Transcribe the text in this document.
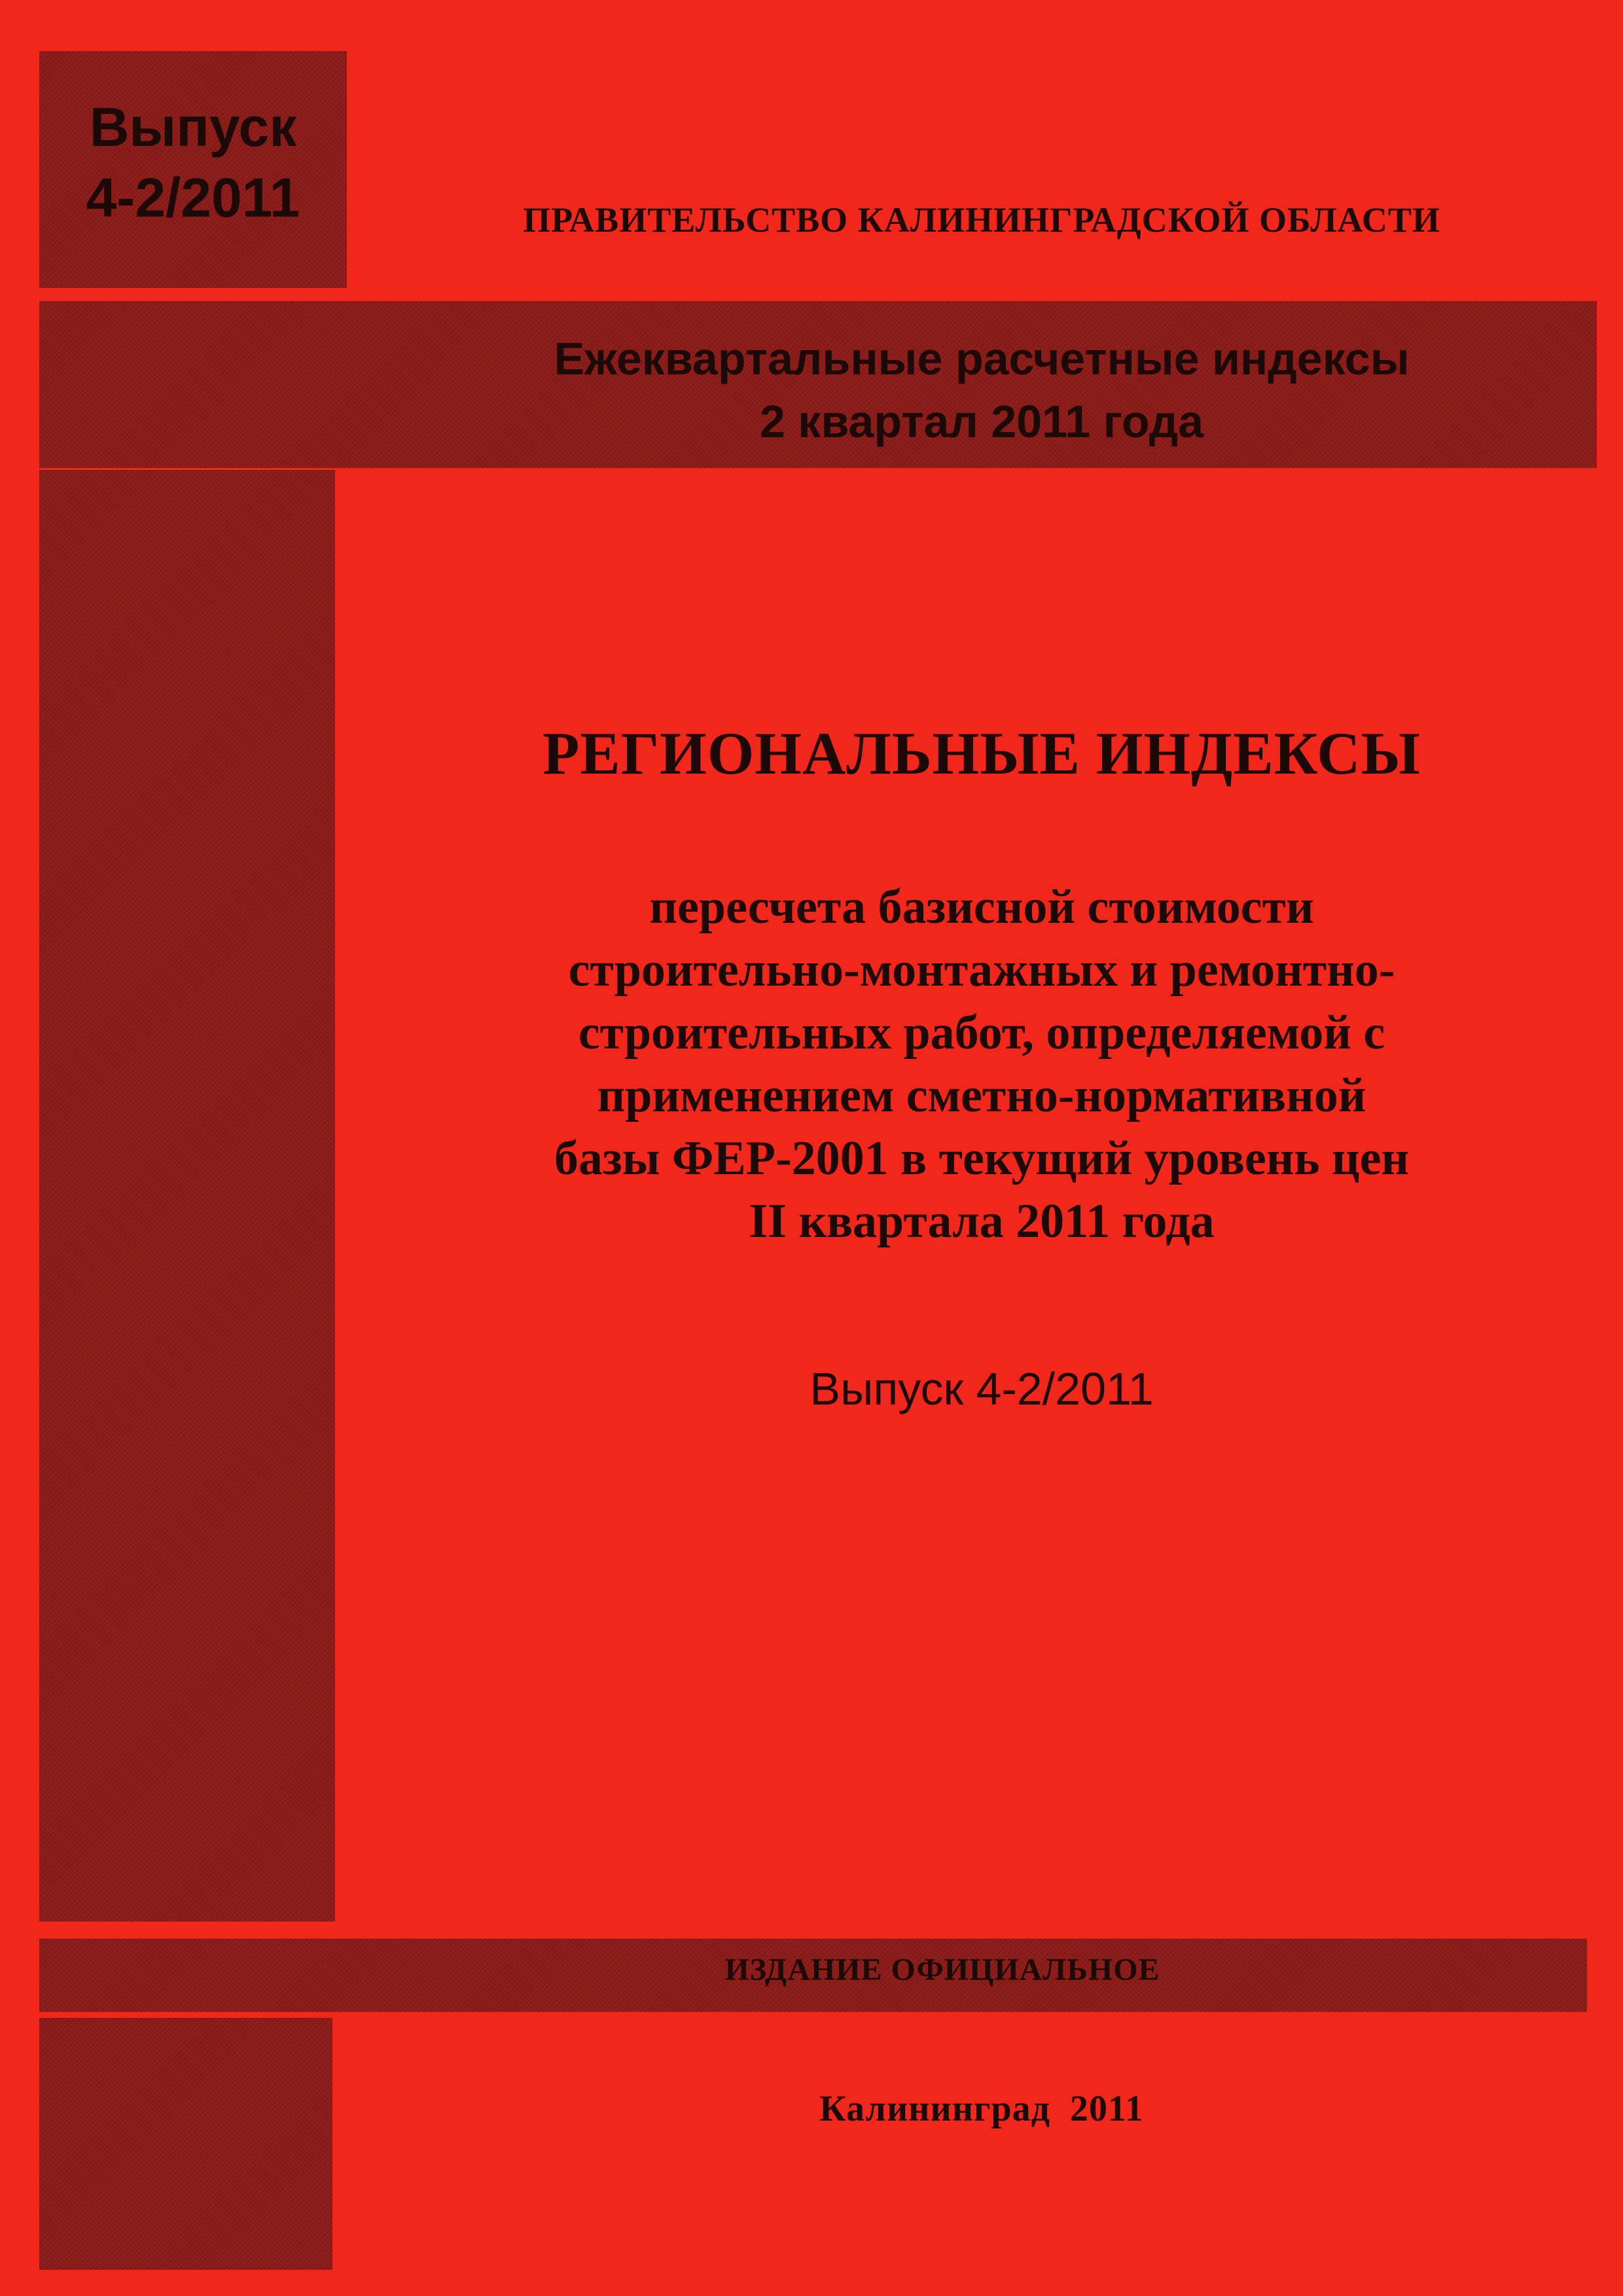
Выпуск
4-2/2011	ПРАВИТЕЛЬСТВО КАЛИНИНГРАДСКОЙ ОБЛАСТИ
Ежеквартальные расчетные индексы
2 квартал 2011 года
РЕГИОНАЛЬНЫЕ ИНДЕКСЫ
пересчета базисной стоимости
строительно-монтажных и ремонтно-
строительных работ, определяемой с
применением сметно-нормативной
базы ФЕР-2001 в текущий уровень цен
II квартала 2011 года
Выпуск 4-2/2011
ИЗДАНИЕ ОФИЦИАЛЬНОЕ
Калининград  2011
